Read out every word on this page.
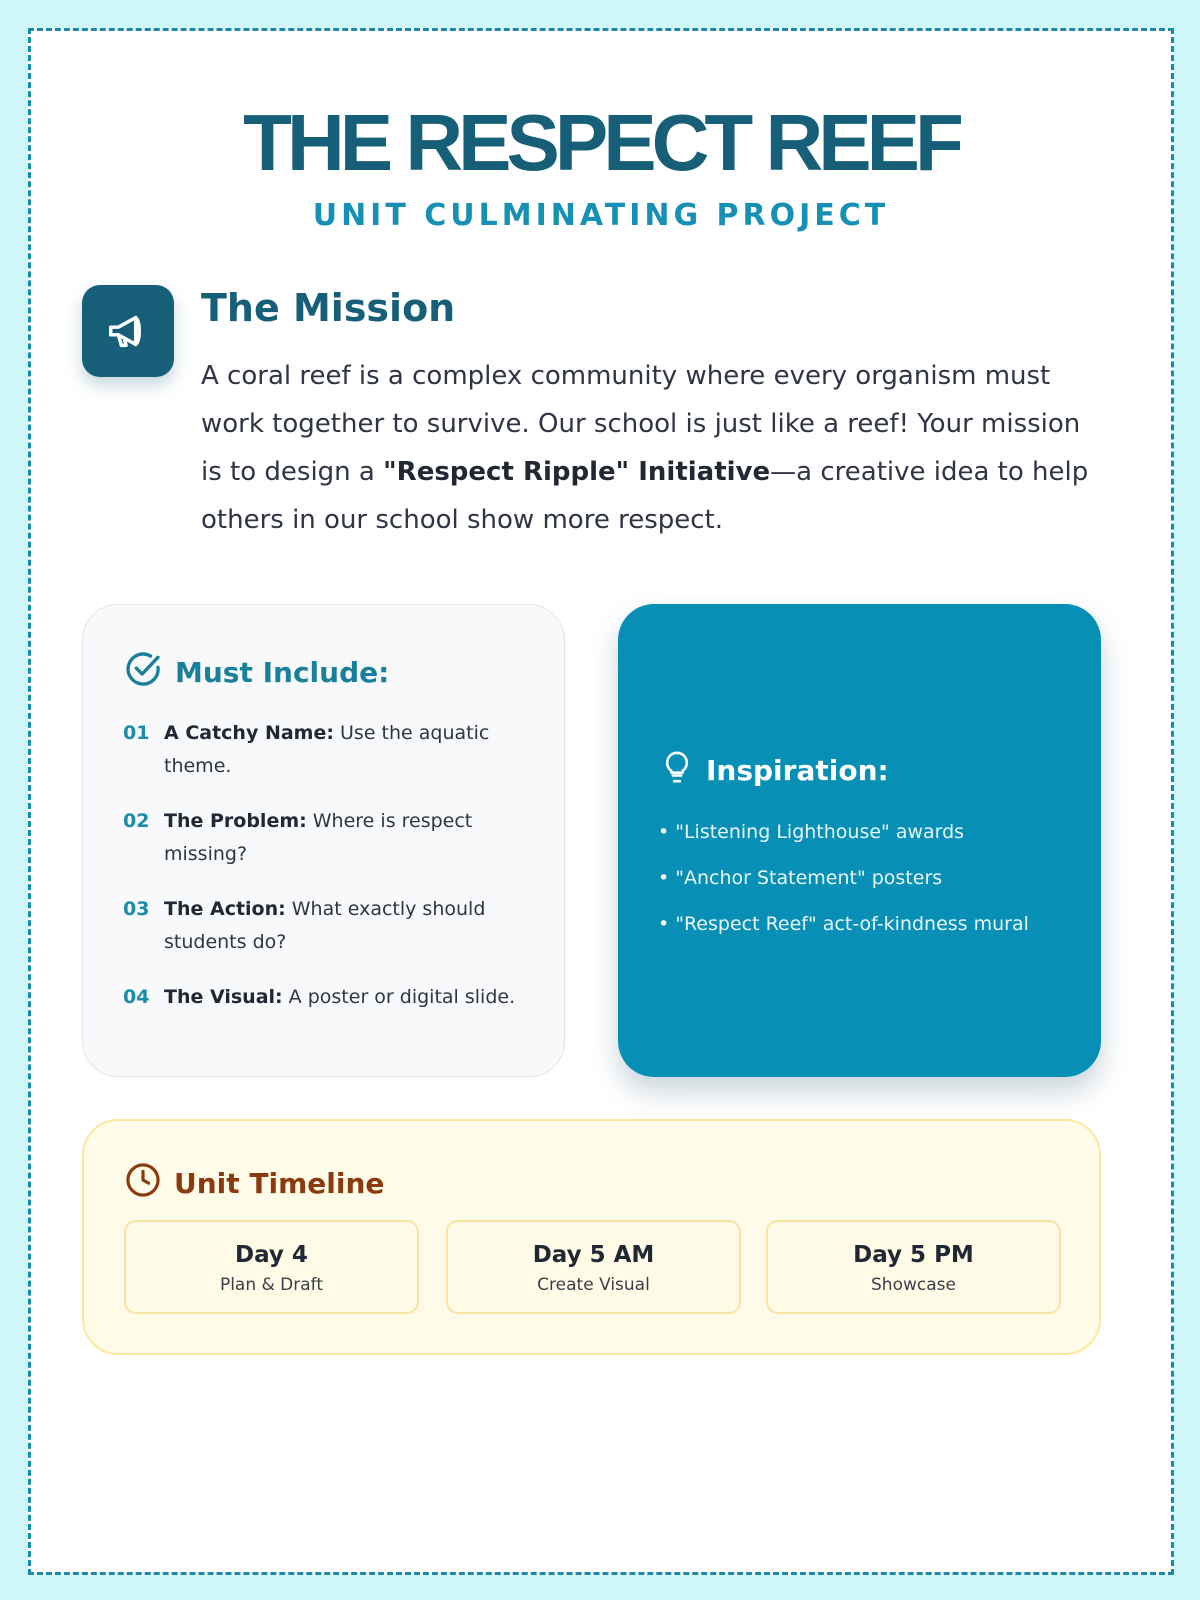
THE RESPECT REEF
UNIT CULMINATING PROJECT
The Mission

A coral reef is a complex community where every organism must work together to survive. Our school is just like a reef! Your mission is to design a "Respect Ripple" Initiative—a creative idea to help others in our school show more respect.

Must Include:
01 A Catchy Name: Use the aquatic theme.
02 The Problem: Where is respect missing?
03 The Action: What exactly should students do?
04 The Visual: A poster or digital slide.
Inspiration:
• "Listening Lighthouse" awards
• "Anchor Statement" posters
• "Respect Reef" act-of-kindness mural
Unit Timeline
Day 4
Plan & Draft
Day 5 AM
Create Visual
Day 5 PM
Showcase
